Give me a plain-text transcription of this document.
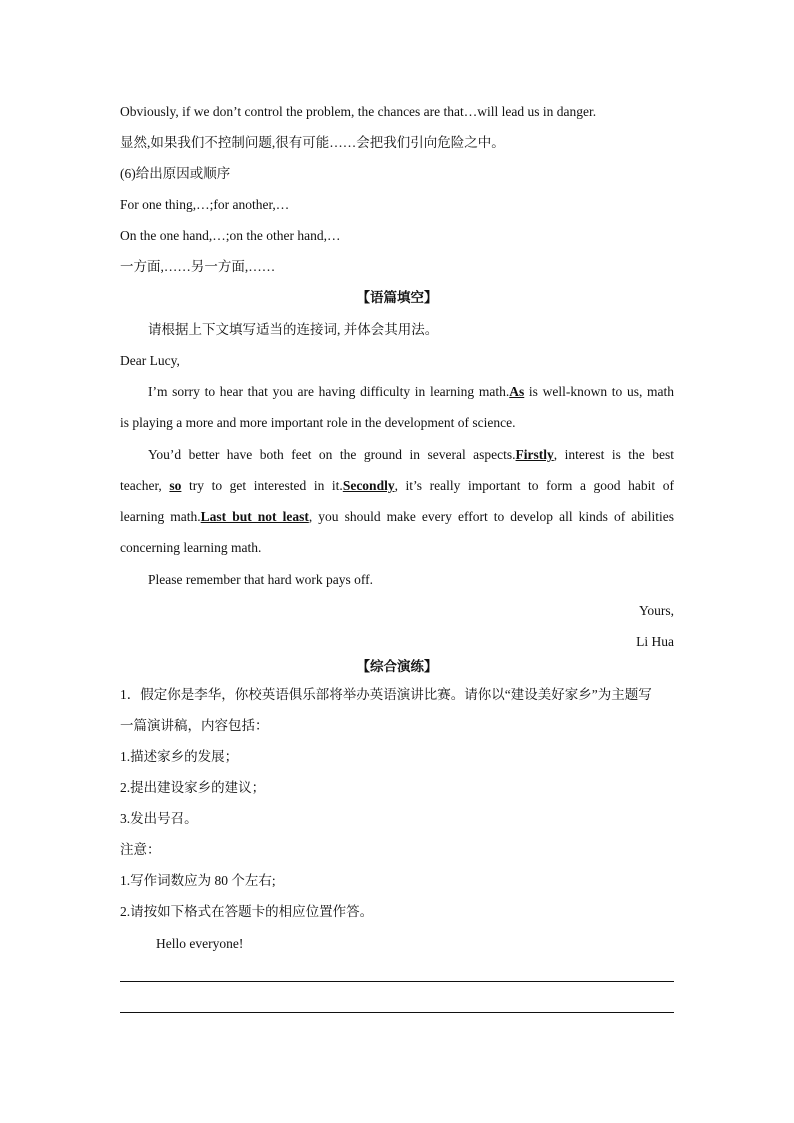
Obviously, if we don’t control the problem, the chances are that…will lead us in danger.
显然,如果我们不控制问题,很有可能……会把我们引向危险之中。
(6)给出原因或顺序
For one thing,…;for another,…
On the one hand,…;on the other hand,…
一方面,……另一方面,……
【语篇填空】
请根据上下文填写适当的连接词, 并体会其用法。
Dear Lucy,
I’m sorry to hear that you are having difficulty in learning math.As is well-known to us, math
is playing a more and more important role in the development of science.
You’d better have both feet on the ground in several aspects.Firstly, interest is the best
teacher, so try to get interested in it.Secondly, it’s really important to form a good habit of
learning math.Last but not least, you should make every effort to develop all kinds of abilities
concerning learning math.
Please remember that hard work pays off.
Yours,
Li Hua
【综合演练】
1．假定你是李华，你校英语俱乐部将举办英语演讲比赛。请你以“建设美好家乡”为主题写
一篇演讲稿，内容包括：
1.描述家乡的发展；
2.提出建设家乡的建议；
3.发出号召。
注意：
1.写作词数应为 80 个左右;
2.请按如下格式在答题卡的相应位置作答。
Hello everyone!
